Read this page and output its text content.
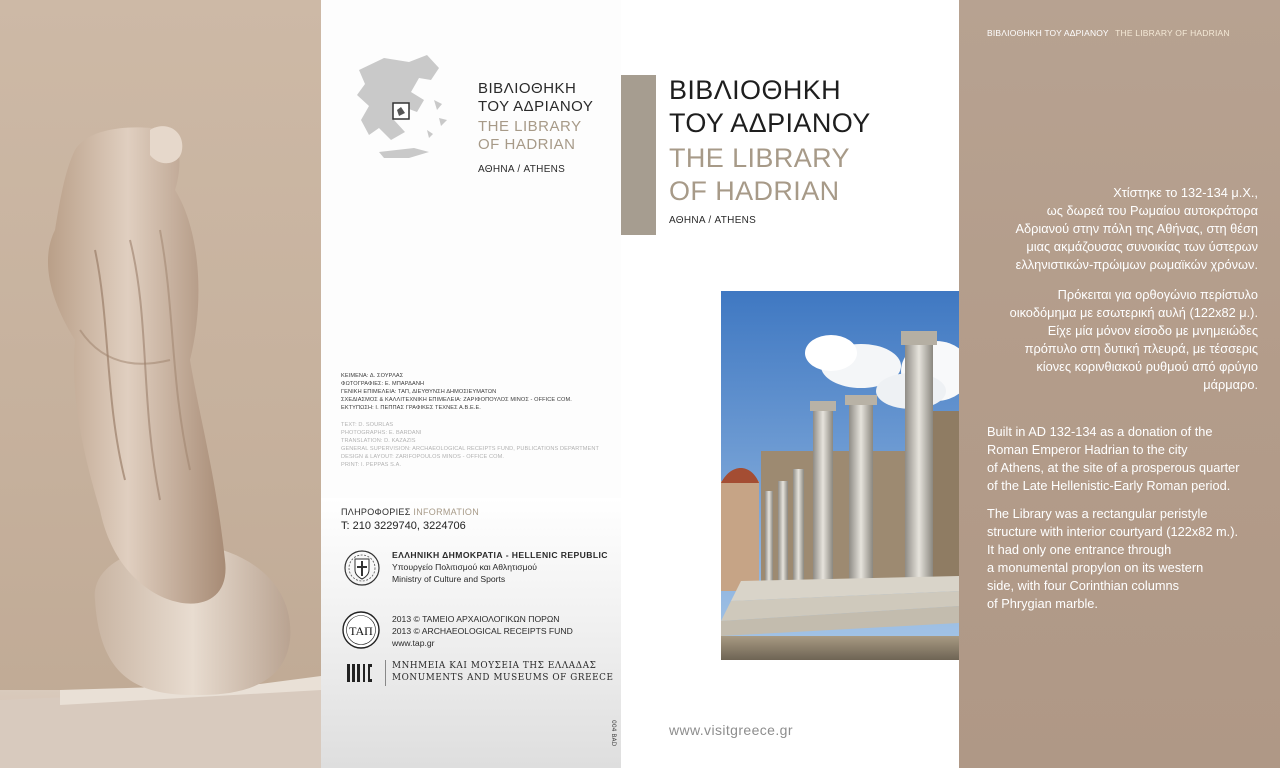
ΒΙΒΛΙΟΘΗΚΗ
ΤΟΥ ΑΔΡΙΑΝΟΥ
THE LIBRARY
OF HADRIAN
ΑΘΗΝΑ / ATHENS
ΚΕΙΜΕΝΑ: Δ. ΣΟΥΡΛΑΣ
ΦΩΤΟΓΡΑΦΙΕΣ: Ε. ΜΠΑΡΔΑΝΗ
ΓΕΝΙΚΗ ΕΠΙΜΕΛΕΙΑ: ΤΑΠ, ΔΙΕΥΘΥΝΣΗ ΔΗΜΟΣΙΕΥΜΑΤΩΝ
ΣΧΕΔΙΑΣΜΟΣ & ΚΑΛΛΙΤΕΧΝΙΚΗ ΕΠΙΜΕΛΕΙΑ: ΖΑΡΙΦΟΠΟΥΛΟΣ ΜΙΝΟΣ - OFFICE COM.
ΕΚΤΥΠΩΣΗ: Ι. ΠΕΠΠΑΣ ΓΡΑΦΙΚΕΣ ΤΕΧΝΕΣ Α.Β.Ε.Ε.
TEXT: D. SOURLAS
PHOTOGRAPHS: E. BARDANI
TRANSLATION: D. KAZAZIS
GENERAL SUPERVISION: ARCHAEOLOGICAL RECEIPTS FUND, PUBLICATIONS DEPARTMENT
DESIGN & LAYOUT: ZARIFOPOULOS MINOS - OFFICE COM.
PRINT: I. PEPPAS S.A.
ΠΛΗΡΟΦΟΡΙΕΣ INFORMATION
Τ: 210 3229740, 3224706
ΕΛΛΗΝΙΚΗ ΔΗΜΟΚΡΑΤΙΑ - HELLENIC REPUBLIC
Υπουργείο Πολιτισμού και Αθλητισμού
Ministry of Culture and Sports
ΤΑΠ
2013 © ΤΑΜΕΙΟ ΑΡΧΑΙΟΛΟΓΙΚΩΝ ΠΟΡΩΝ
2013 © ARCHAEOLOGICAL RECEIPTS FUND
www.tap.gr
ΜΝΗΜΕΙΑ ΚΑΙ ΜΟΥΣΕΙΑ ΤΗΣ ΕΛΛΑΔΑΣ
MONUMENTS AND MUSEUMS OF GREECE
004 BAD
ΒΙΒΛΙΟΘΗΚΗ
ΤΟΥ ΑΔΡΙΑΝΟΥ
THE LIBRARY
OF HADRIAN
ΑΘΗΝΑ / ATHENS
www.visitgreece.gr
ΒΙΒΛΙΟΘΗΚΗ ΤΟΥ ΑΔΡΙΑΝΟΥ THE LIBRARY OF HADRIAN
Χτίστηκε το 132-134 μ.Χ.,
ως δωρεά του Ρωμαίου αυτοκράτορα
Αδριανού στην πόλη της Αθήνας, στη θέση
μιας ακμάζουσας συνοικίας των ύστερων
ελληνιστικών-πρώιμων ρωμαϊκών χρόνων.
Πρόκειται για ορθογώνιο περίστυλο
οικοδόμημα με εσωτερική αυλή (122x82 μ.).
Είχε μία μόνον είσοδο με μνημειώδες
πρόπυλο στη δυτική πλευρά, με τέσσερις
κίονες κορινθιακού ρυθμού από φρύγιο
μάρμαρο.
Built in AD 132-134 as a donation of the
Roman Emperor Hadrian to the city
of Athens, at the site of a prosperous quarter
of the Late Hellenistic-Early Roman period.
The Library was a rectangular peristyle
structure with interior courtyard (122x82 m.).
It had only one entrance through
a monumental propylon on its western
side, with four Corinthian columns
of Phrygian marble.
